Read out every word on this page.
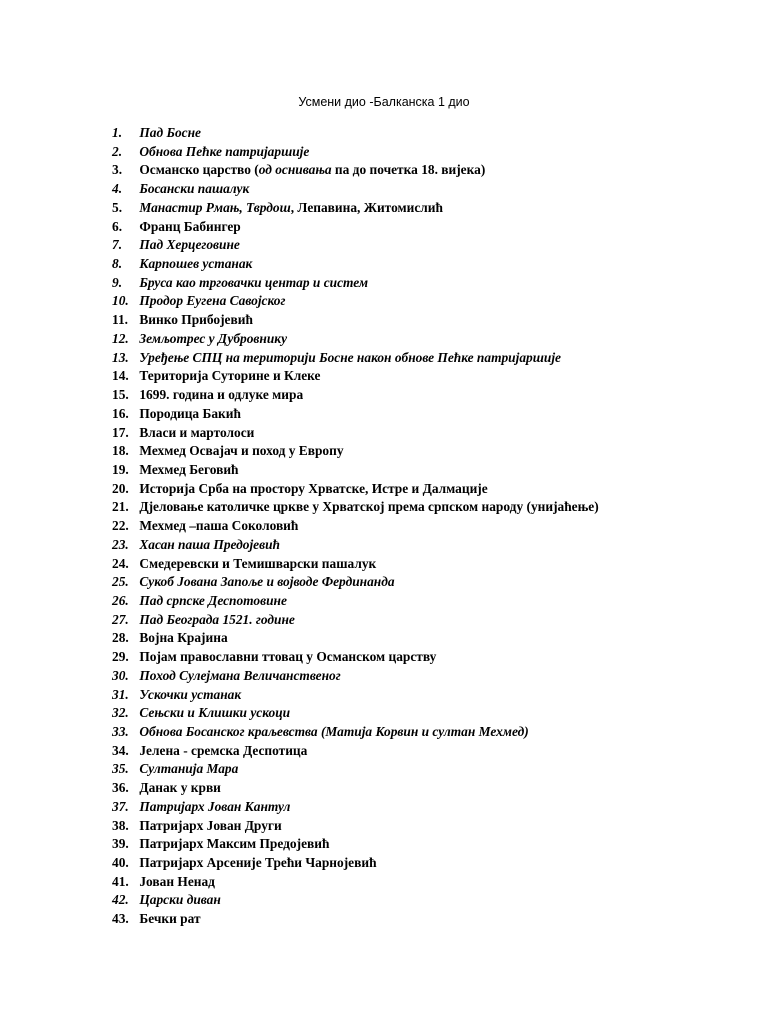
Усмени дио -Балканска 1 дио
1. Пад Босне
2. Обнова Пећке патријаршије
3. Османско царство (од оснивања па до почетка 18. вијека)
4. Босански пашалук
5. Манастир Рмањ, Тврдош, Лепавина, Житомислић
6. Франц Бабингер
7. Пад Херцеговине
8. Карпошев устанак
9. Бруса као трговачки центар и систем
10. Продор Еугена Савојског
11. Винко Прибојевић
12. Земљотрес у Дубровнику
13. Уређење СПЦ на територији Босне након обнове Пећке патријаршије
14. Територија Суторине и Клеке
15. 1699. година и одлуке мира
16. Породица Бакић
17. Власи и мартолоси
18. Мехмед Освајач и поход у Европу
19. Мехмед Беговић
20. Историја Срба на простору Хрватске, Истре и Далмације
21. Дјеловање католичке цркве у Хрватској према српском народу (унијаћење)
22. Мехмед –паша Соколовић
23. Хасан паша Предојевић
24. Смедеревски и Темишварски пашалук
25. Сукоб Јована Запоље и војводе Фердинанда
26. Пад српске Деспотовине
27. Пад Београда 1521. године
28. Војна Крајина
29. Појам православни ттовац у Османском царству
30. Поход Сулејмана Величанственог
31. Ускочки устанак
32. Сењски и Клишки ускоци
33. Обнова Босанског краљевства (Матија Корвин и султан Мехмед)
34. Јелена - сремска Деспотица
35. Султанија Мара
36. Данак у крви
37. Патријарх Јован Кантул
38. Патријарх Јован Други
39. Патријарх Максим Предојевић
40. Патријарх Арсеније Трећи Чарнојевић
41. Јован Ненад
42. Царски диван
43. Бечки рат
